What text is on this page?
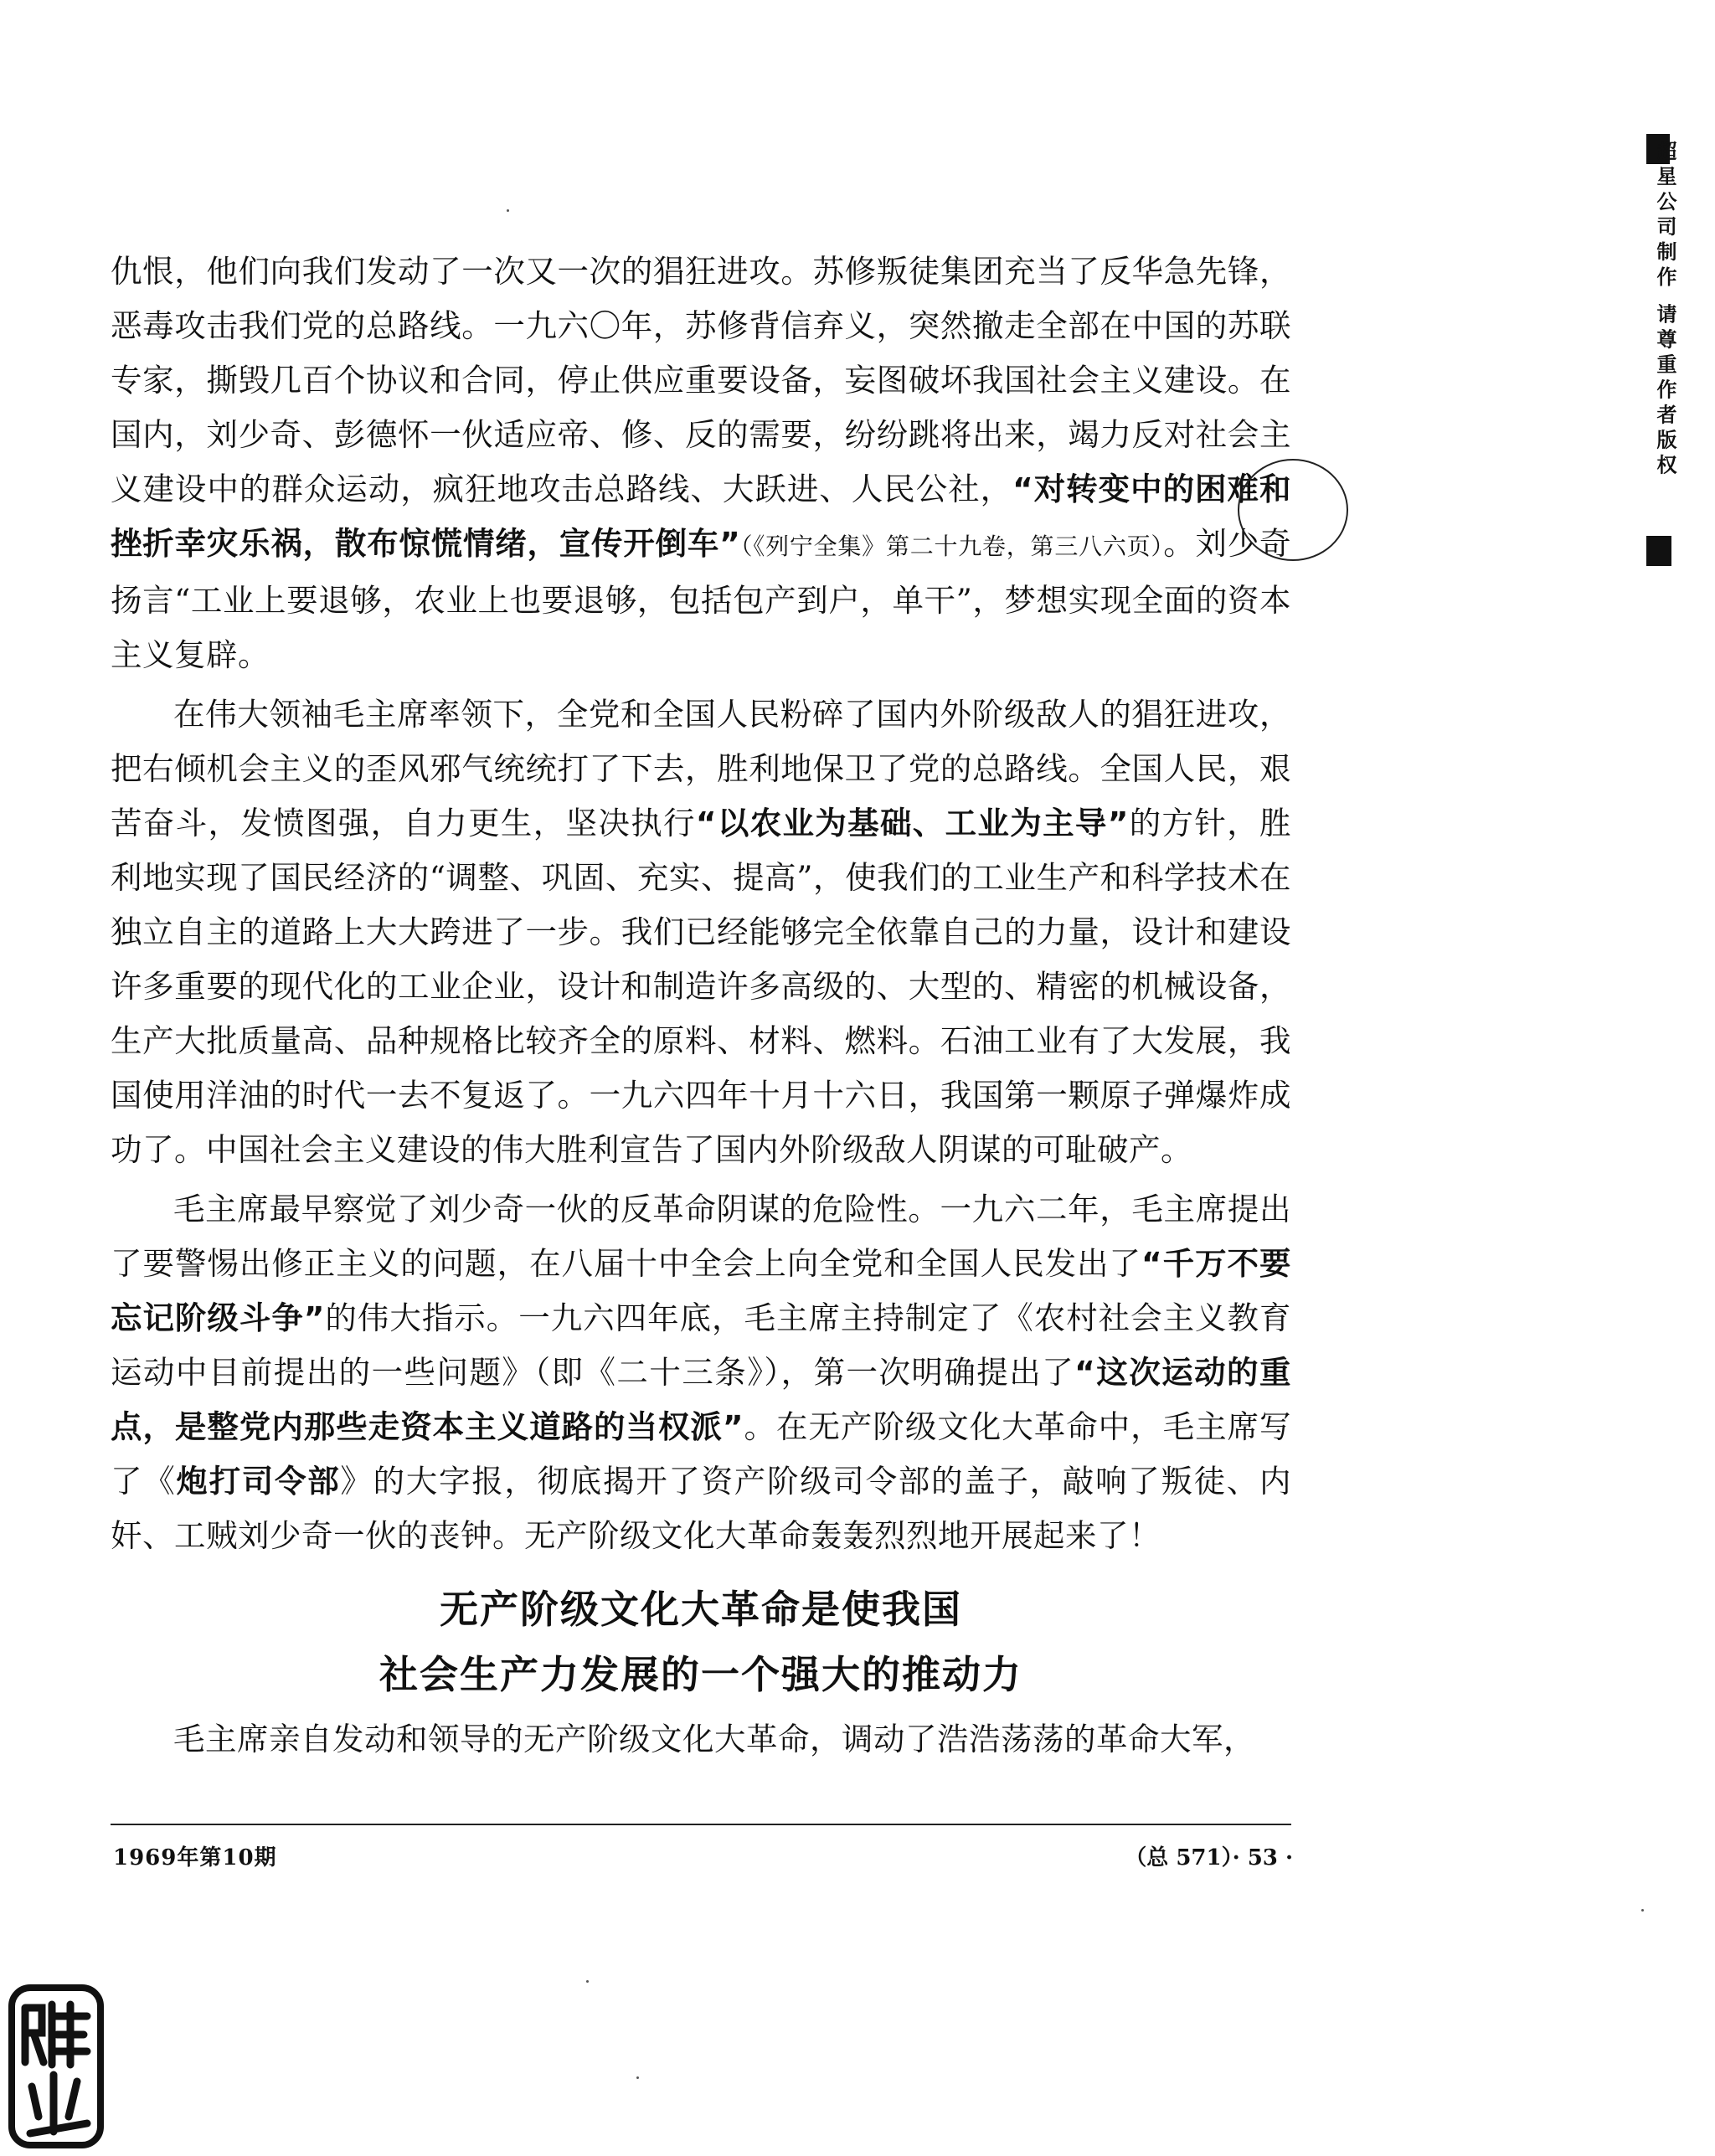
超星公司制作 请尊重作者版权

仇恨，他们向我们发动了一次又一次的猖狂进攻。苏修叛徒集团充当了反华急先锋，恶毒攻击我们党的总路线。一九六〇年，苏修背信弃义，突然撤走全部在中国的苏联专家，撕毁几百个协议和合同，停止供应重要设备，妄图破坏我国社会主义建设。在国内，刘少奇、彭德怀一伙适应帝、修、反的需要，纷纷跳将出来，竭力反对社会主义建设中的群众运动，疯狂地攻击总路线、大跃进、人民公社，“对转变中的困难和挫折幸灾乐祸，散布惊慌情绪，宣传开倒车”（《列宁全集》第二十九卷，第三八六页）。刘少奇扬言“工业上要退够，农业上也要退够，包括包产到户，单干”，梦想实现全面的资本主义复辟。

在伟大领袖毛主席率领下，全党和全国人民粉碎了国内外阶级敌人的猖狂进攻，把右倾机会主义的歪风邪气统统打了下去，胜利地保卫了党的总路线。全国人民，艰苦奋斗，发愤图强，自力更生，坚决执行“以农业为基础、工业为主导”的方针，胜利地实现了国民经济的“调整、巩固、充实、提高”，使我们的工业生产和科学技术在独立自主的道路上大大跨进了一步。我们已经能够完全依靠自己的力量，设计和建设许多重要的现代化的工业企业，设计和制造许多高级的、大型的、精密的机械设备，生产大批质量高、品种规格比较齐全的原料、材料、燃料。石油工业有了大发展，我国使用洋油的时代一去不复返了。一九六四年十月十六日，我国第一颗原子弹爆炸成功了。中国社会主义建设的伟大胜利宣告了国内外阶级敌人阴谋的可耻破产。

毛主席最早察觉了刘少奇一伙的反革命阴谋的危险性。一九六二年，毛主席提出了要警惕出修正主义的问题，在八届十中全会上向全党和全国人民发出了“千万不要忘记阶级斗争”的伟大指示。一九六四年底，毛主席主持制定了《农村社会主义教育运动中目前提出的一些问题》（即《二十三条》），第一次明确提出了“这次运动的重点，是整党内那些走资本主义道路的当权派”。在无产阶级文化大革命中，毛主席写了《炮打司令部》的大字报，彻底揭开了资产阶级司令部的盖子，敲响了叛徒、内奸、工贼刘少奇一伙的丧钟。无产阶级文化大革命轰轰烈烈地开展起来了！

无产阶级文化大革命是使我国
社会生产力发展的一个强大的推动力

毛主席亲自发动和领导的无产阶级文化大革命，调动了浩浩荡荡的革命大军，

1969年第10期	（总 571）· 53 ·
